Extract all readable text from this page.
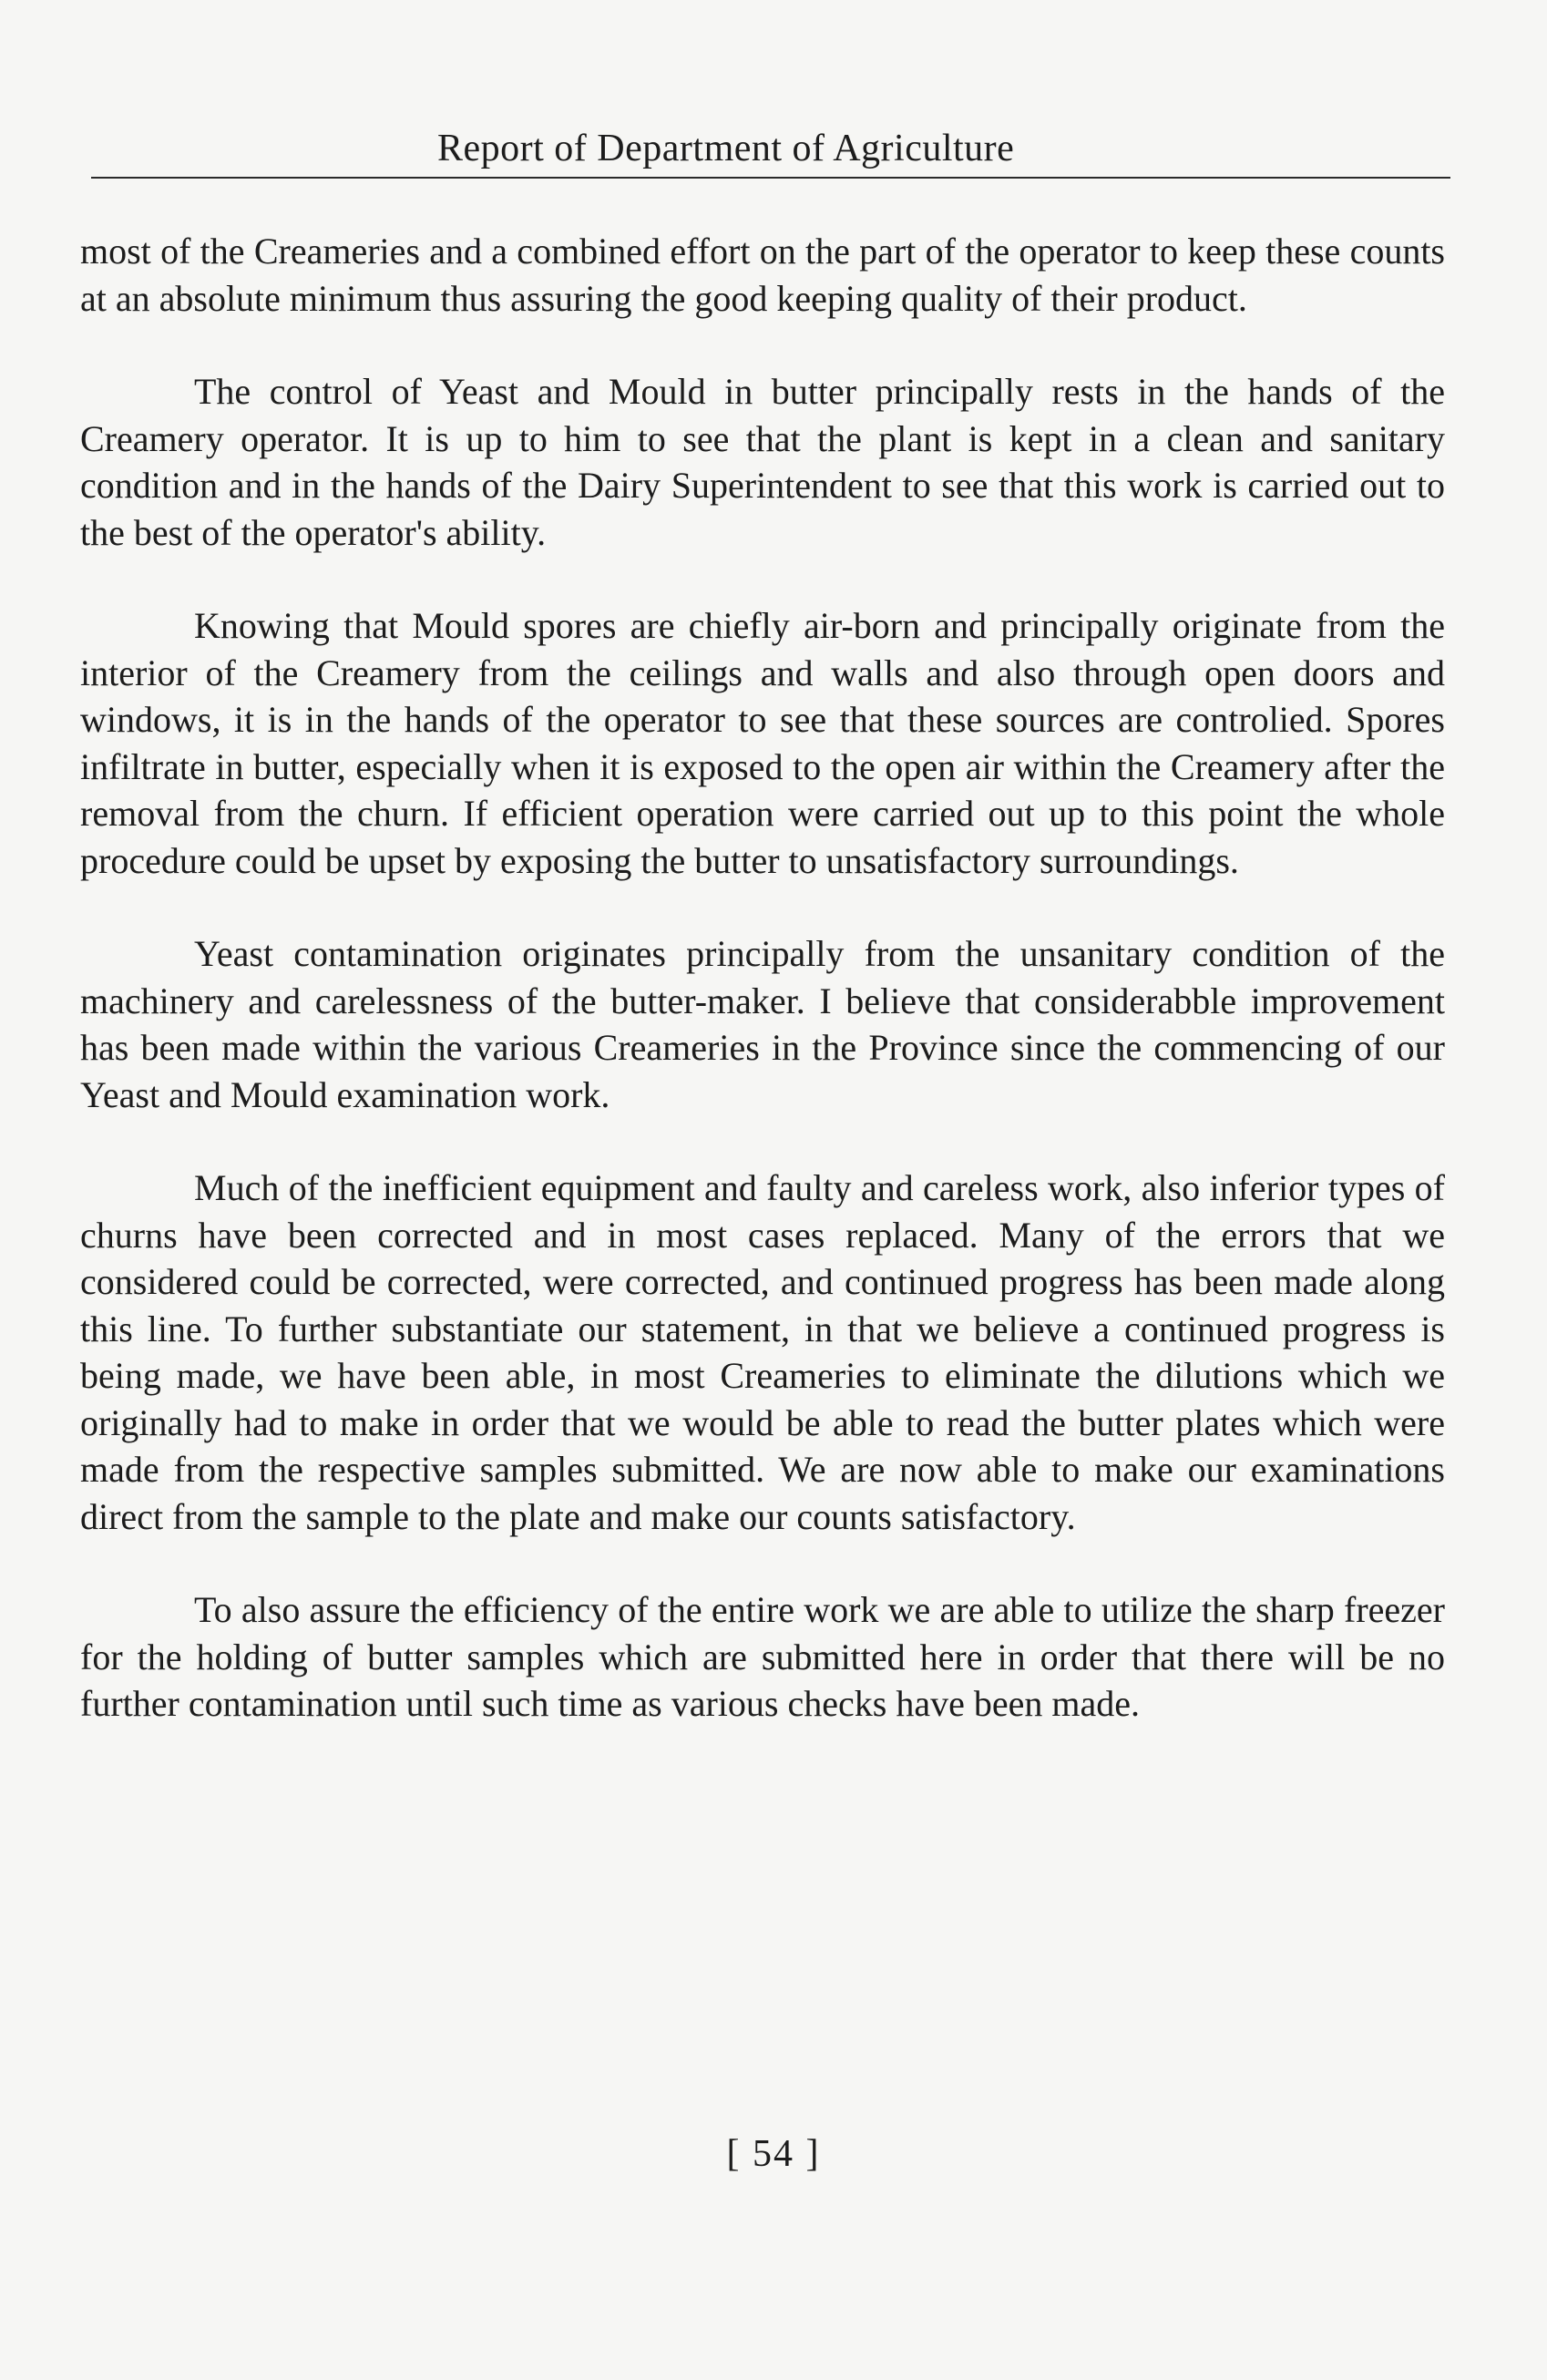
Report of Department of Agriculture

most of the Creameries and a combined effort on the part of the operator to keep these counts at an absolute minimum thus assuring the good keeping quality of their product.

The control of Yeast and Mould in butter principally rests in the hands of the Creamery operator. It is up to him to see that the plant is kept in a clean and sanitary condition and in the hands of the Dairy Superintendent to see that this work is carried out to the best of the operator's ability.

Knowing that Mould spores are chiefly air-born and principally originate from the interior of the Creamery from the ceilings and walls and also through open doors and windows, it is in the hands of the operator to see that these sources are controlied. Spores infiltrate in butter, especially when it is exposed to the open air within the Creamery after the removal from the churn. If efficient operation were carried out up to this point the whole procedure could be upset by exposing the butter to unsatisfactory surroundings.

Yeast contamination originates principally from the unsanitary condition of the machinery and carelessness of the butter-maker. I believe that considerabble improvement has been made within the various Creameries in the Province since the commencing of our Yeast and Mould examination work.

Much of the inefficient equipment and faulty and careless work, also inferior types of churns have been corrected and in most cases replaced. Many of the errors that we considered could be corrected, were corrected, and continued progress has been made along this line. To further substantiate our statement, in that we believe a continued progress is being made, we have been able, in most Creameries to eliminate the dilutions which we originally had to make in order that we would be able to read the butter plates which were made from the respective samples submitted. We are now able to make our examinations direct from the sample to the plate and make our counts satisfactory.

To also assure the efficiency of the entire work we are able to utilize the sharp freezer for the holding of butter samples which are submitted here in order that there will be no further contamination until such time as various checks have been made.

[ 54 ]
